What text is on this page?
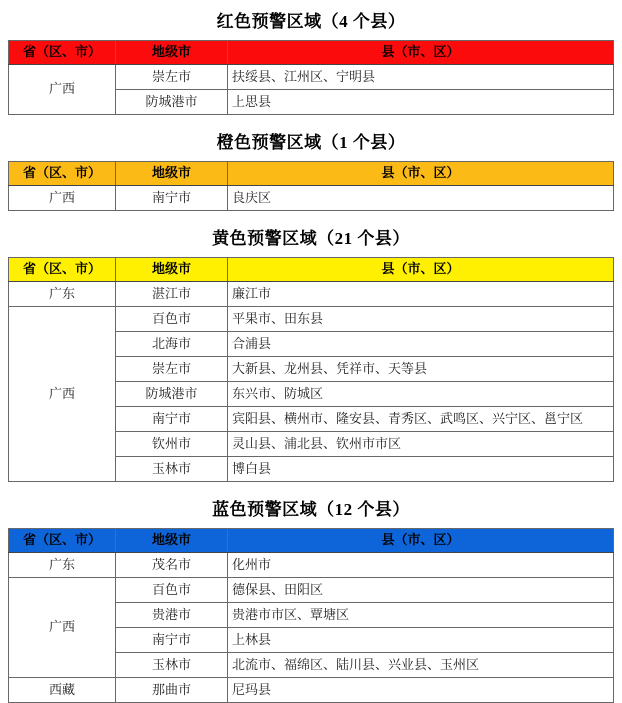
红色预警区域（4 个县）
省（区、市）	地级市	县（市、区）
广西	崇左市	扶绥县、江州区、宁明县
	防城港市	上思县
橙色预警区域（1 个县）
省（区、市）	地级市	县（市、区）
广西	南宁市	良庆区
黄色预警区域（21 个县）
省（区、市）	地级市	县（市、区）
广东	湛江市	廉江市
广西	百色市	平果市、田东县
	北海市	合浦县
	崇左市	大新县、龙州县、凭祥市、天等县
	防城港市	东兴市、防城区
	南宁市	宾阳县、横州市、隆安县、青秀区、武鸣区、兴宁区、邕宁区
	钦州市	灵山县、浦北县、钦州市市区
	玉林市	博白县
蓝色预警区域（12 个县）
省（区、市）	地级市	县（市、区）
广东	茂名市	化州市
广西	百色市	德保县、田阳区
	贵港市	贵港市市区、覃塘区
	南宁市	上林县
	玉林市	北流市、福绵区、陆川县、兴业县、玉州区
西藏	那曲市	尼玛县
